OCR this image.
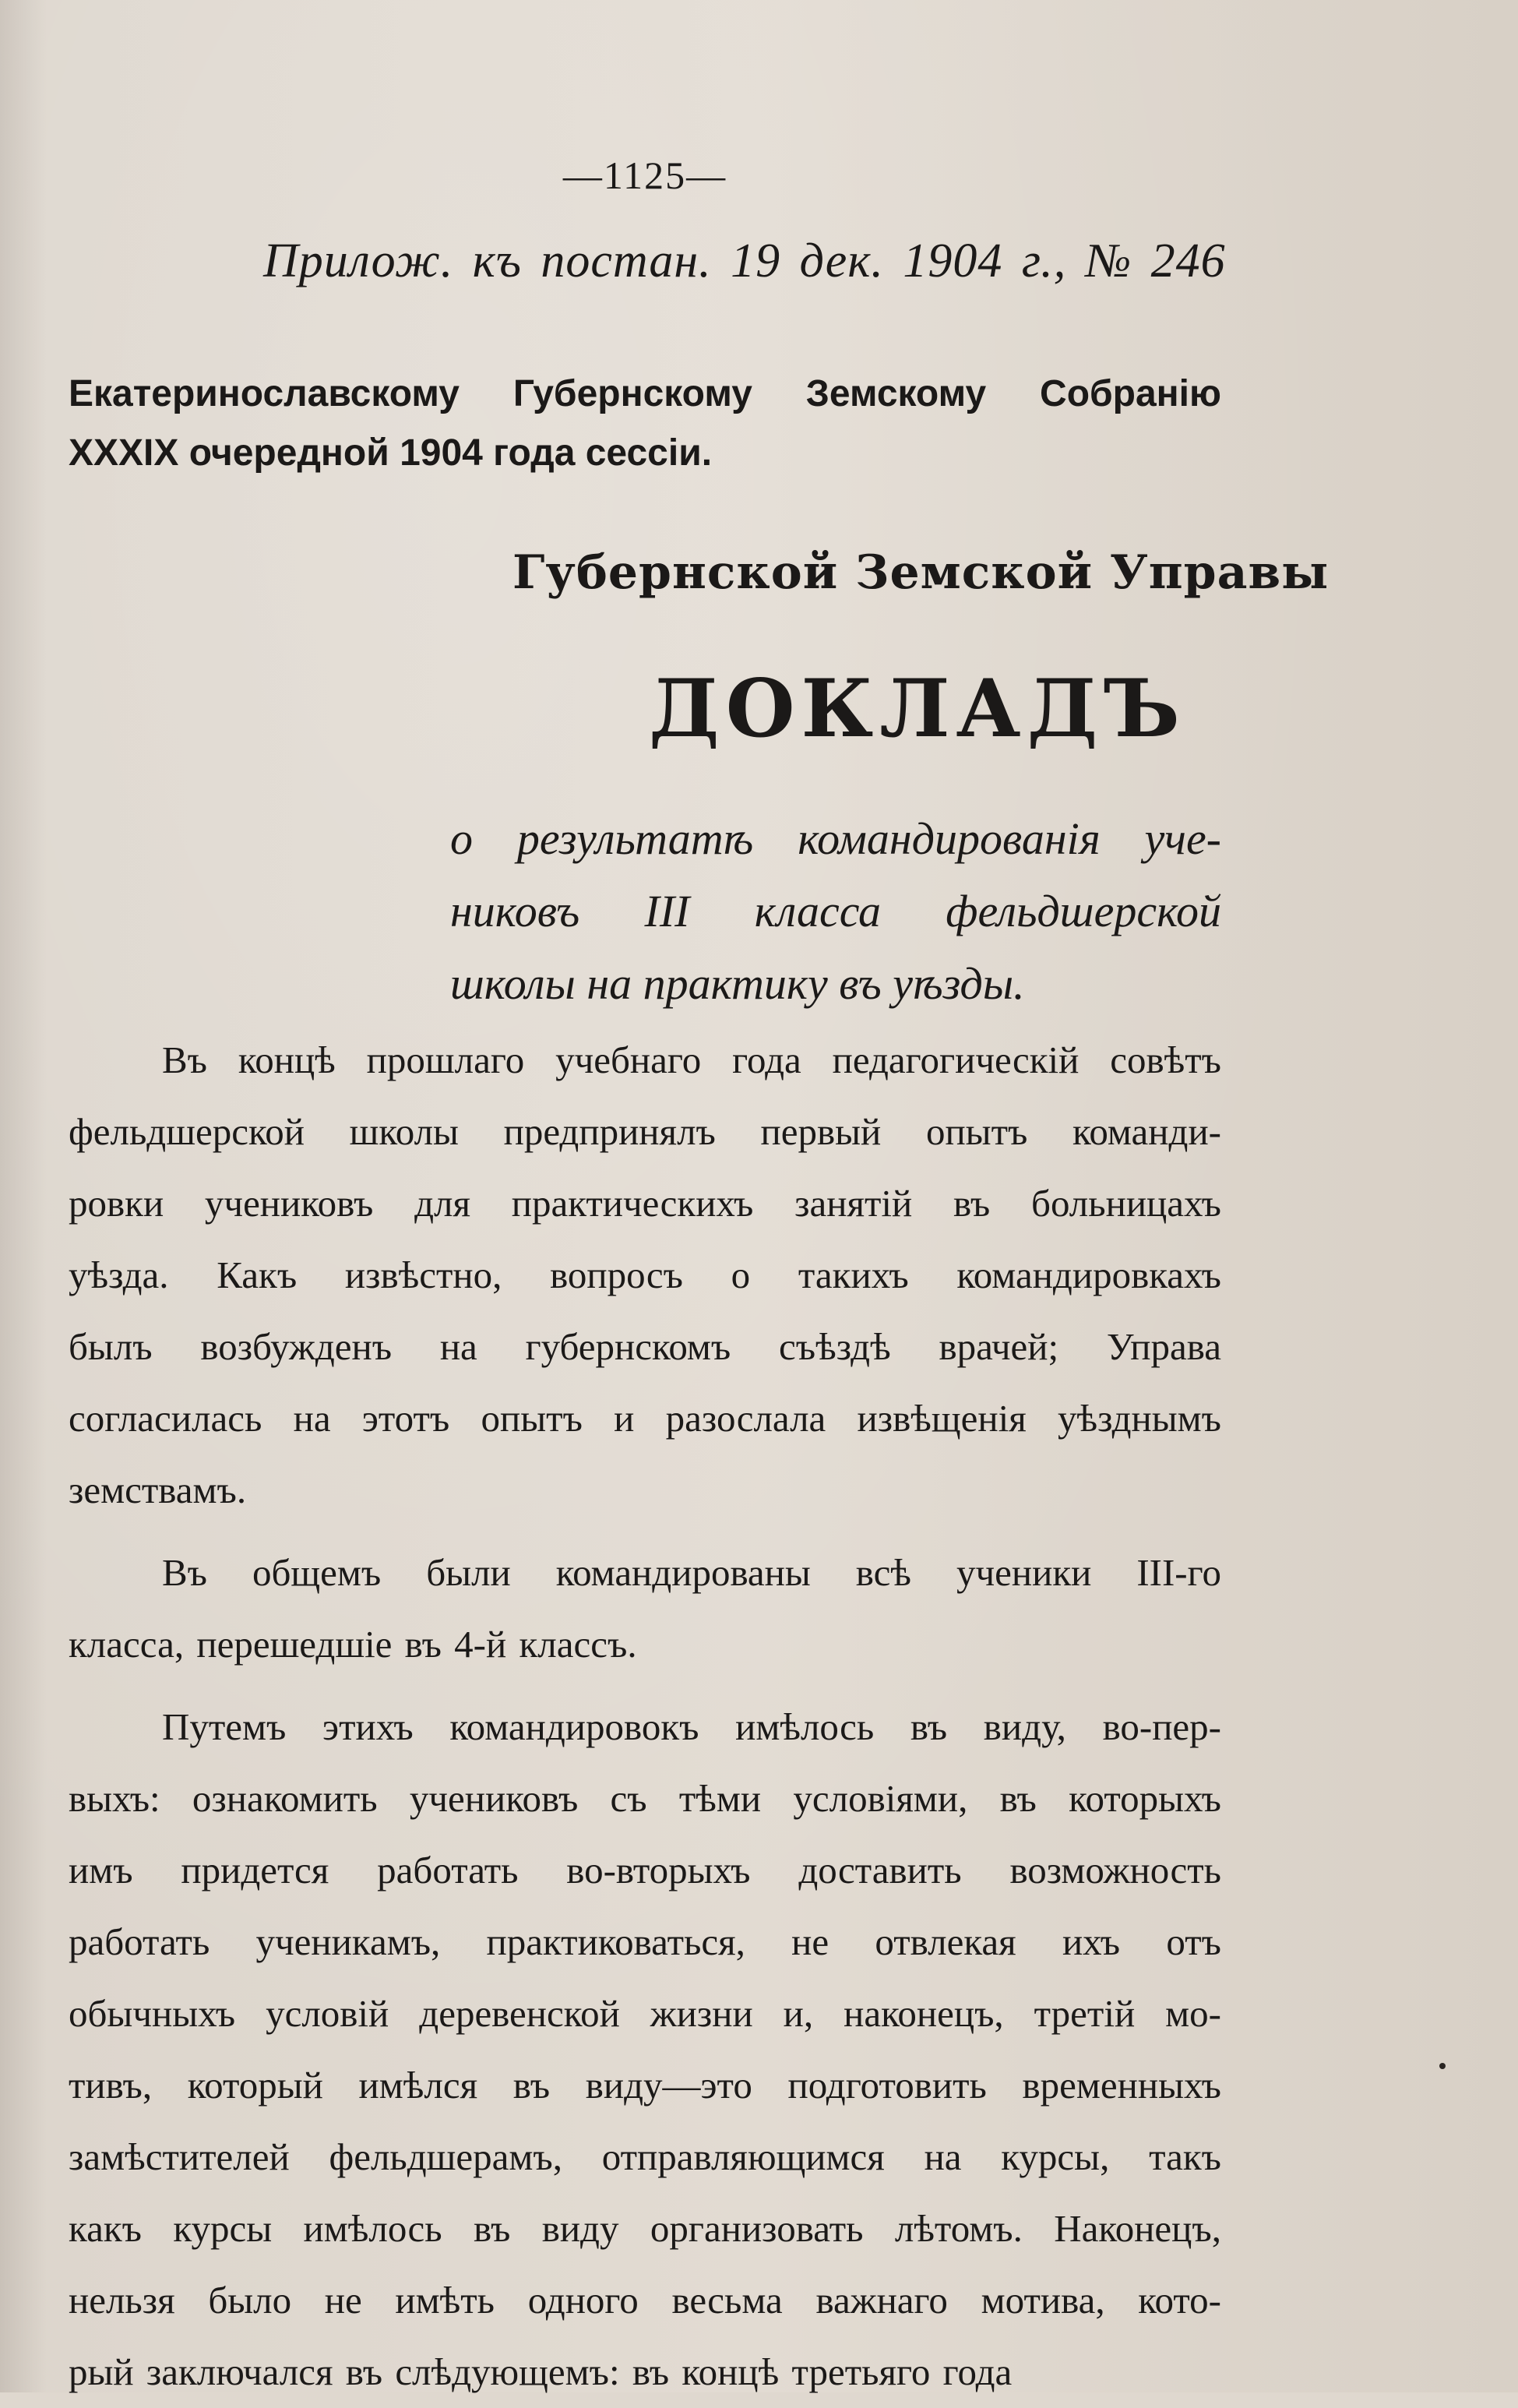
—1125—
Прилож. къ постан. 19 дек. 1904 г., № 246
Екатеринославскому Губернскому Земскому Собранію
XXXIX очередной 1904 года сессіи.
Губернской Земской Управы
ДОКЛАДЪ
о результатѣ командированія уче-
никовъ III класса фельдшерской
школы на практику въ уѣзды.
Въ концѣ прошлаго учебнаго года педагогическій совѣтъ
фельдшерской школы предпринялъ первый опытъ команди-
ровки учениковъ для практическихъ занятій въ больницахъ
уѣзда. Какъ извѣстно, вопросъ о такихъ командировкахъ
былъ возбужденъ на губернскомъ съѣздѣ врачей; Управа
согласилась на этотъ опытъ и разослала извѣщенія уѣзднымъ
земствамъ.
Въ общемъ были командированы всѣ ученики III-го
класса, перешедшіе въ 4-й классъ.
Путемъ этихъ командировокъ имѣлось въ виду, во-пер-
выхъ: ознакомить учениковъ съ тѣми условіями, въ которыхъ
имъ придется работать во-вторыхъ доставить возможность
работать ученикамъ, практиковаться, не отвлекая ихъ отъ
обычныхъ условій деревенской жизни и, наконецъ, третій мо-
тивъ, который имѣлся въ виду—это подготовить временныхъ
замѣстителей фельдшерамъ, отправляющимся на курсы, такъ
какъ курсы имѣлось въ виду организовать лѣтомъ. Наконецъ,
нельзя было не имѣть одного весьма важнаго мотива, кото-
рый заключался въ слѣдующемъ: въ концѣ третьяго года
